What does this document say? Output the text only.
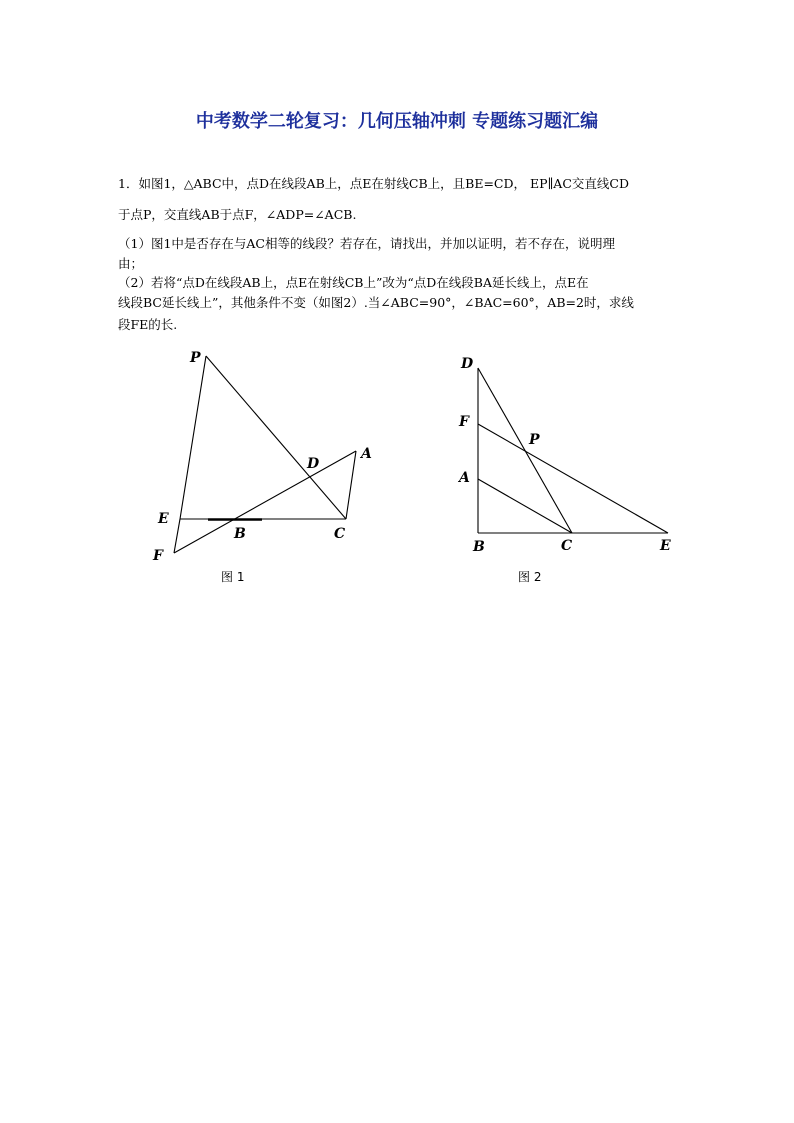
中考数学二轮复习：几何压轴冲刺 专题练习题汇编
1．如图1，△ABC中，点D在线段AB上，点E在射线CB上，且BE=CD， EP∥AC交直线CD
于点P，交直线AB于点F，∠ADP=∠ACB.
（1）图1中是否存在与AC相等的线段？若存在，请找出，并加以证明，若不存在，说明理
由；
（2）若将“点D在线段AB上，点E在射线CB上”改为“点D在线段BA延长线上，点E在
线段BC延长线上”，其他条件不变（如图2）.当∠ABC=90°，∠BAC=60°，AB=2时，求线
段FE的长.
P
D
A
E
B	C
F
图 1
D
F
P
A
B	C	E
图 2
